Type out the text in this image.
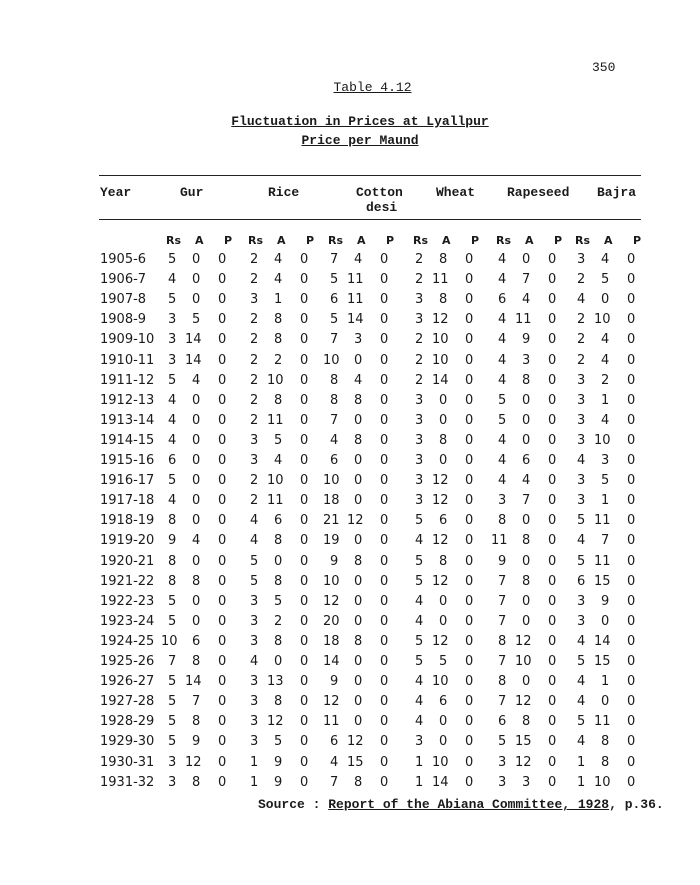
350
Table 4.12
Fluctuation in Prices at Lyallpur
Price per Maund
Year	Gur	Rice	Cotton
desi
Wheat Rapeseed Bajra
Rs A P Rs A P Rs A P Rs A P Rs A P Rs A P
1905-6 5 0 0 2 4 0 7 4 0 2 8 0 4 0 0 3 4 0
1906-7 4 0 0 2 4 0 5 11 0 2 11 0 4 7 0 2 5 0
1907-8 5 0 0 3 1 0 6 11 0 3 8 0 6 4 0 4 0 0
1908-9 3 5 0 2 8 0 5 14 0 3 12 0 4 11 0 2 10 0
1909-10 3 14 0 2 8 0 7 3 0 2 10 0 4 9 0 2 4 0
1910-11 3 14 0 2 2 0 10 0 0 2 10 0 4 3 0 2 4 0
1911-12 5 4 0 2 10 0 8 4 0 2 14 0 4 8 0 3 2 0
1912-13 4 0 0 2 8 0 8 8 0 3 0 0 5 0 0 3 1 0
1913-14 4 0 0 2 11 0 7 0 0 3 0 0 5 0 0 3 4 0
1914-15 4 0 0 3 5 0 4 8 0 3 8 0 4 0 0 3 10 0
1915-16 6 0 0 3 4 0 6 0 0 3 0 0 4 6 0 4 3 0
1916-17 5 0 0 2 10 0 10 0 0 3 12 0 4 4 0 3 5 0
1917-18 4 0 0 2 11 0 18 0 0 3 12 0 3 7 0 3 1 0
1918-19 8 0 0 4 6 0 21 12 0 5 6 0 8 0 0 5 11 0
1919-20 9 4 0 4 8 0 19 0 0 4 12 0 11 8 0 4 7 0
1920-21 8 0 0 5 0 0 9 8 0 5 8 0 9 0 0 5 11 0
1921-22 8 8 0 5 8 0 10 0 0 5 12 0 7 8 0 6 15 0
1922-23 5 0 0 3 5 0 12 0 0 4 0 0 7 0 0 3 9 0
1923-24 5 0 0 3 2 0 20 0 0 4 0 0 7 0 0 3 0 0
1924-25 10 6 0 3 8 0 18 8 0 5 12 0 8 12 0 4 14 0
1925-26 7 8 0 4 0 0 14 0 0 5 5 0 7 10 0 5 15 0
1926-27 5 14 0 3 13 0 9 0 0 4 10 0 8 0 0 4 1 0
1927-28 5 7 0 3 8 0 12 0 0 4 6 0 7 12 0 4 0 0
1928-29 5 8 0 3 12 0 11 0 0 4 0 0 6 8 0 5 11 0
1929-30 5 9 0 3 5 0 6 12 0 3 0 0 5 15 0 4 8 0
1930-31 3 12 0 1 9 0 4 15 0 1 10 0 3 12 0 1 8 0
1931-32 3 8 0 1 9 0 7 8 0 1 14 0 3 3 0 1 10 0
Source : Report of the Abiana Committee, 1928, p.36.
